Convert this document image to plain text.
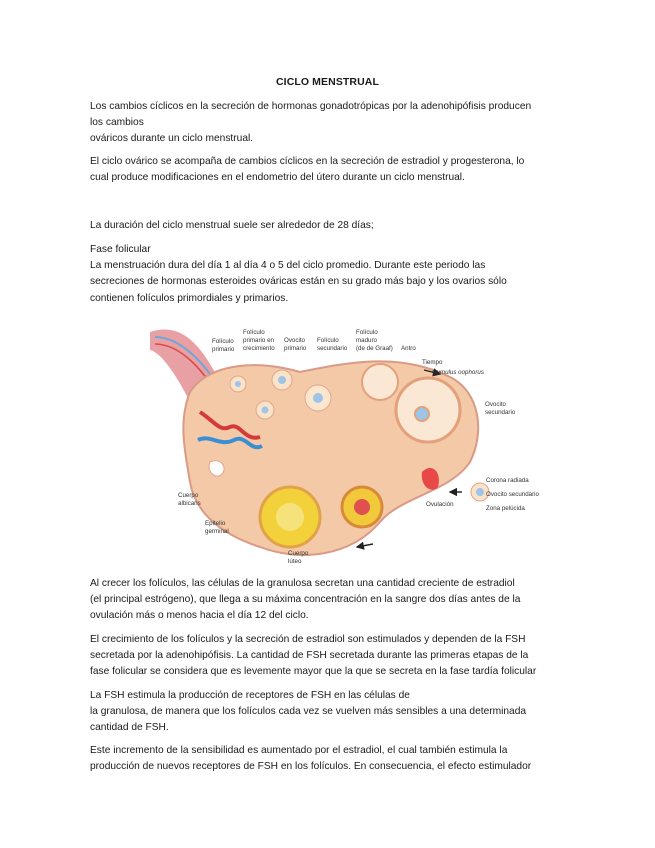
CICLO MENSTRUAL
Los cambios cíclicos en la secreción de hormonas gonadotrópicas por la adenohipófisis producen
los cambios
ováricos durante un ciclo menstrual.
El ciclo ovárico se acompaña de cambios cíclicos en la secreción de estradiol y progesterona, lo
cual produce modificaciones en el endometrio del útero durante un ciclo menstrual.
La duración del ciclo menstrual suele ser alrededor de 28 días;
Fase folicular
La menstruación dura del día 1 al día 4 o 5 del ciclo promedio. Durante este periodo las
secreciones de hormonas esteroides ováricas están en su grado más bajo y los ovarios sólo
contienen folículos primordiales y primarios.
Folículo primario
Folículo primario en crecimiento
Ovocito primario
Folículo secundario
Folículo maduro (de de Graaf) Antro
Tiempo
Cumulus oophorus
Ovocito secundario
Corona radiada
Ovocito secundario
Zona pelúcida
Ovulación
Cuerpo albicans
Epitelio germinal
Cuerpo lúteo
Al crecer los folículos, las células de la granulosa secretan una cantidad creciente de estradiol
(el principal estrógeno), que llega a su máxima concentración en la sangre dos días antes de la
ovulación más o menos hacia el día 12 del ciclo.
El crecimiento de los folículos y la secreción de estradiol son estimulados y dependen de la FSH
secretada por la adenohipófisis. La cantidad de FSH secretada durante las primeras etapas de la
fase folicular se considera que es levemente mayor que la que se secreta en la fase tardía folicular
La FSH estimula la producción de receptores de FSH en las células de
la granulosa, de manera que los folículos cada vez se vuelven más sensibles a una determinada
cantidad de FSH.
Este incremento de la sensibilidad es aumentado por el estradiol, el cual también estimula la
producción de nuevos receptores de FSH en los folículos. En consecuencia, el efecto estimulador
